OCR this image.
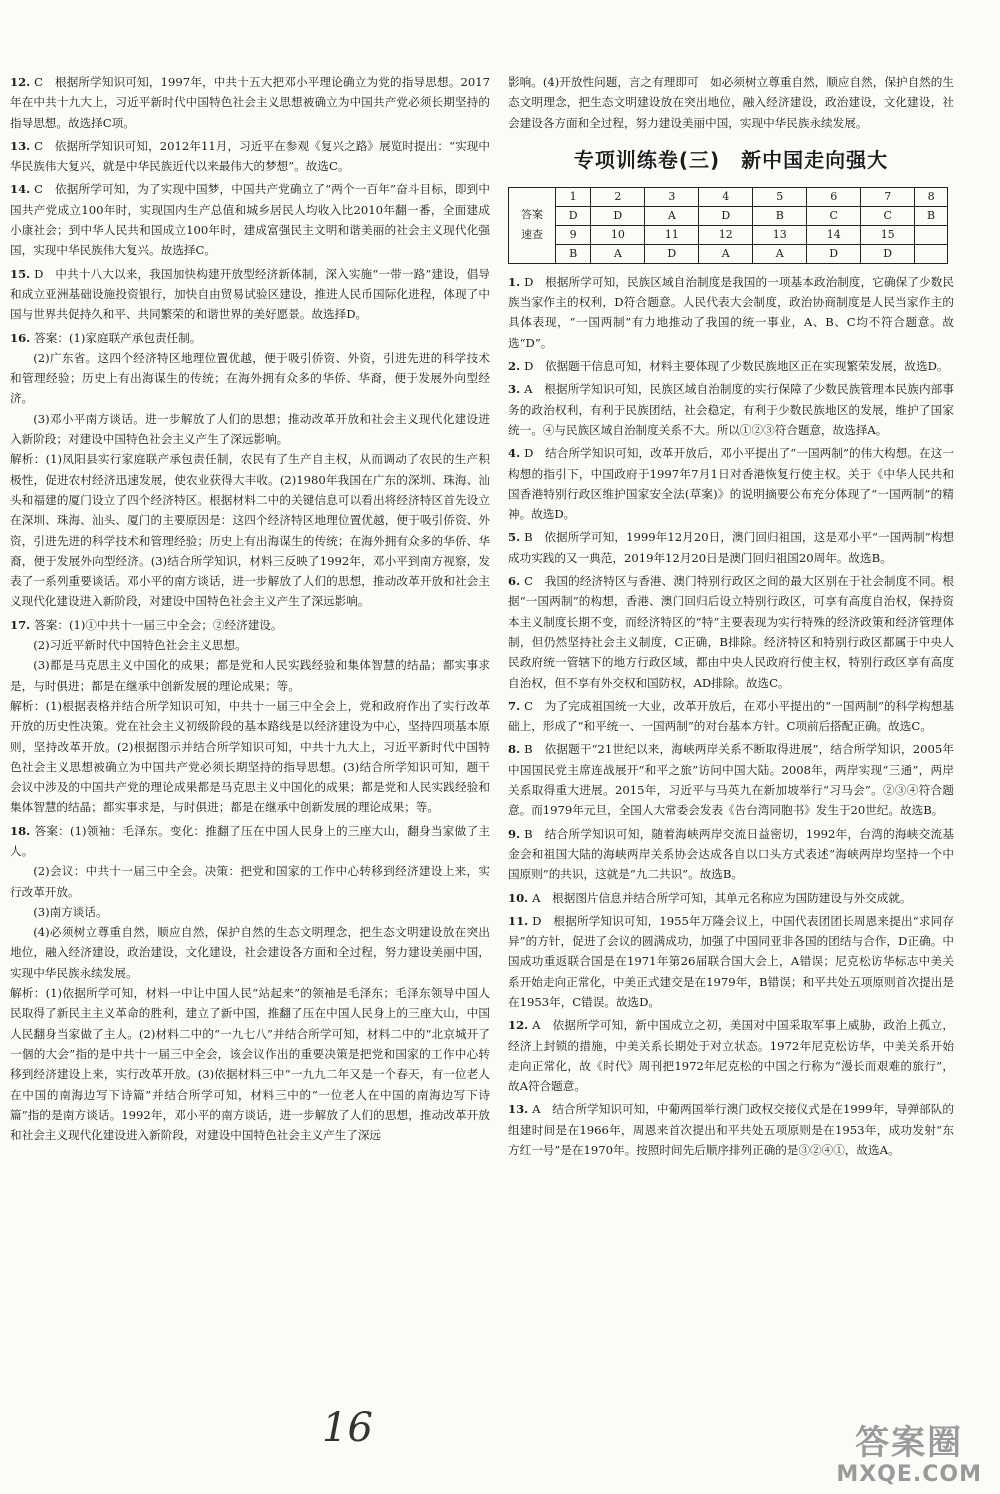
12. C　根据所学知识可知，1997年，中共十五大把邓小平理论确立为党的指导思想。2017年在中共十九大上，习近平新时代中国特色社会主义思想被确立为中国共产党必须长期坚持的指导思想。故选择C项。
13. C　依据所学知识可知，2012年11月，习近平在参观《复兴之路》展览时提出：“实现中华民族伟大复兴，就是中华民族近代以来最伟大的梦想”。故选C。
14. C　依据所学可知，为了实现中国梦，中国共产党确立了“两个一百年”奋斗目标，即到中国共产党成立100年时，实现国内生产总值和城乡居民人均收入比2010年翻一番，全面建成小康社会；到中华人民共和国成立100年时，建成富强民主文明和谐美丽的社会主义现代化强国，实现中华民族伟大复兴。故选择C。
15. D　中共十八大以来，我国加快构建开放型经济新体制，深入实施“一带一路”建设，倡导和成立亚洲基础设施投资银行，加快自由贸易试验区建设，推进人民币国际化进程，体现了中国与世界共促持久和平、共同繁荣的和谐世界的美好愿景。故选择D。
16. 答案：(1)家庭联产承包责任制。

(2)广东省。这四个经济特区地理位置优越，便于吸引侨资、外资，引进先进的科学技术和管理经验；历史上有出海谋生的传统；在海外拥有众多的华侨、华裔，便于发展外向型经济。

(3)邓小平南方谈话。进一步解放了人们的思想；推动改革开放和社会主义现代化建设进入新阶段；对建设中国特色社会主义产生了深远影响。

解析：(1)凤阳县实行家庭联产承包责任制，农民有了生产自主权，从而调动了农民的生产积极性，促进农村经济迅速发展，使农业获得大丰收。(2)1980年我国在广东的深圳、珠海、汕头和福建的厦门设立了四个经济特区。根据材料二中的关键信息可以看出将经济特区首先设立在深圳、珠海、汕头、厦门的主要原因是：这四个经济特区地理位置优越，便于吸引侨资、外资，引进先进的科学技术和管理经验；历史上有出海谋生的传统；在海外拥有众多的华侨、华裔，便于发展外向型经济。(3)结合所学知识，材料三反映了1992年，邓小平到南方视察，发表了一系列重要谈话。邓小平的南方谈话，进一步解放了人们的思想，推动改革开放和社会主义现代化建设进入新阶段，对建设中国特色社会主义产生了深远影响。

17. 答案：(1)①中共十一届三中全会；②经济建设。

(2)习近平新时代中国特色社会主义思想。

(3)都是马克思主义中国化的成果；都是党和人民实践经验和集体智慧的结晶；都实事求是，与时俱进；都是在继承中创新发展的理论成果；等。

解析：(1)根据表格并结合所学知识可知，中共十一届三中全会上，党和政府作出了实行改革开放的历史性决策。党在社会主义初级阶段的基本路线是以经济建设为中心，坚持四项基本原则，坚持改革开放。(2)根据图示并结合所学知识可知，中共十九大上，习近平新时代中国特色社会主义思想被确立为中国共产党必须长期坚持的指导思想。(3)结合所学知识可知，题干会议中涉及的中国共产党的理论成果都是马克思主义中国化的成果；都是党和人民实践经验和集体智慧的结晶；都实事求是，与时俱进；都是在继承中创新发展的理论成果；等。

18. 答案：(1)领袖：毛泽东。变化：推翻了压在中国人民身上的三座大山，翻身当家做了主人。

(2)会议：中共十一届三中全会。决策：把党和国家的工作中心转移到经济建设上来，实行改革开放。

(3)南方谈话。

(4)必须树立尊重自然，顺应自然，保护自然的生态文明理念，把生态文明建设放在突出地位，融入经济建设，政治建设，文化建设，社会建设各方面和全过程，努力建设美丽中国，实现中华民族永续发展。

解析：(1)依据所学可知，材料一中让中国人民“站起来”的领袖是毛泽东；毛泽东领导中国人民取得了新民主主义革命的胜利，建立了新中国，推翻了压在中国人民身上的三座大山，中国人民翻身当家做了主人。(2)材料二中的“一九七八”并结合所学可知，材料二中的“北京城开了一個的大会”指的是中共十一届三中全会，该会议作出的重要决策是把党和国家的工作中心转移到经济建设上来，实行改革开放。(3)依据材料三中“一九九二年又是一个春天，有一位老人在中国的南海边写下诗篇”并结合所学可知，材料三中的“一位老人在中国的南海边写下诗篇”指的是南方谈话。1992年，邓小平的南方谈话，进一步解放了人们的思想，推动改革开放和社会主义现代化建设进入新阶段，对建设中国特色社会主义产生了深远

影响。(4)开放性问题，言之有理即可　如必须树立尊重自然，顺应自然，保护自然的生态文明理念，把生态文明建设放在突出地位，融入经济建设，政治建设，文化建设，社会建设各方面和全过程，努力建设美丽中国，实现中华民族永续发展。

专项训练卷(三)　新中国走向强大
答案
速查	1	2	3	4	5	6	7	8
	D	D	A	D	B	C	C	B
	9	10	11	12	13	14	15	
	B	A	D	A	A	D	D	
1. D　根据所学可知，民族区域自治制度是我国的一项基本政治制度，它确保了少数民族当家作主的权利，D符合题意。人民代表大会制度，政治协商制度是人民当家作主的具体表现，“一国两制”有力地推动了我国的统一事业，A、B、C均不符合题意。故选“D”。
2. D　依据题干信息可知，材料主要体现了少数民族地区正在实现繁荣发展，故选D。
3. A　根据所学知识可知，民族区域自治制度的实行保障了少数民族管理本民族内部事务的政治权利，有利于民族团结，社会稳定，有利于少数民族地区的发展，维护了国家统一。④与民族区域自治制度关系不大。所以①②③符合题意，故选择A。
4. D　结合所学知识可知，改革开放后，邓小平提出了“一国两制”的伟大构想。在这一构想的指引下，中国政府于1997年7月1日对香港恢复行使主权。关于《中华人民共和国香港特别行政区维护国家安全法(草案)》的说明摘要公布充分体现了“一国两制”的精神。故选D。
5. B　依据所学可知，1999年12月20日，澳门回归祖国，这是邓小平“一国两制”构想成功实践的又一典范，2019年12月20日是澳门回归祖国20周年。故选B。
6. C　我国的经济特区与香港、澳门特别行政区之间的最大区别在于社会制度不同。根据“一国两制”的构想，香港、澳门回归后设立特别行政区，可享有高度自治权，保持资本主义制度长期不变，而经济特区的“特”主要表现为实行特殊的经济政策和经济管理体制，但仍然坚持社会主义制度，C正确，B排除。经济特区和特别行政区都属于中央人民政府统一管辖下的地方行政区域，都由中央人民政府行使主权，特别行政区享有高度自治权，但不享有外交权和国防权，AD排除。故选C。
7. C　为了完成祖国统一大业，改革开放后，在邓小平提出的“一国两制”的科学构想基础上，形成了“和平统一、一国两制”的对台基本方针。C项前后搭配正确。故选C。
8. B　依据题干“21世纪以来，海峡两岸关系不断取得进展”，结合所学知识，2005年中国国民党主席连战展开“和平之旅”访问中国大陆。2008年，两岸实现“三通”，两岸关系取得重大进展。2015年，习近平与马英九在新加坡举行“习马会”。②③④符合题意。而1979年元旦，全国人大常委会发表《告台湾同胞书》发生于20世纪。故选B。
9. B　结合所学知识可知，随着海峡两岸交流日益密切，1992年，台湾的海峡交流基金会和祖国大陆的海峡两岸关系协会达成各自以口头方式表述“海峡两岸均坚持一个中国原则”的共识，这就是“九二共识”。故选B。
10. A　根据图片信息并结合所学可知，其单元名称应为国防建设与外交成就。
11. D　根据所学知识可知，1955年万隆会议上，中国代表团团长周恩来提出“求同存异”的方针，促进了会议的圆满成功，加强了中国同亚非各国的团结与合作，D正确。中国成功重返联合国是在1971年第26届联合国大会上，A错误；尼克松访华标志中美关系开始走向正常化，中美正式建交是在1979年，B错误；和平共处五项原则首次提出是在1953年，C错误。故选D。
12. A　依据所学可知，新中国成立之初，美国对中国采取军事上威胁，政治上孤立，经济上封锁的措施，中美关系长期处于对立状态。1972年尼克松访华，中美关系开始走向正常化，故《时代》周刊把1972年尼克松的中国之行称为“漫长而艰难的旅行”，故A符合题意。
13. A　结合所学知识可知，中葡两国举行澳门政权交接仪式是在1999年，导弹部队的组建时间是在1966年，周恩来首次提出和平共处五项原则是在1953年，成功发射“东方红一号”是在1970年。按照时间先后顺序排列正确的是③②④①，故选A。
16	答案圈
MXQE.COM
